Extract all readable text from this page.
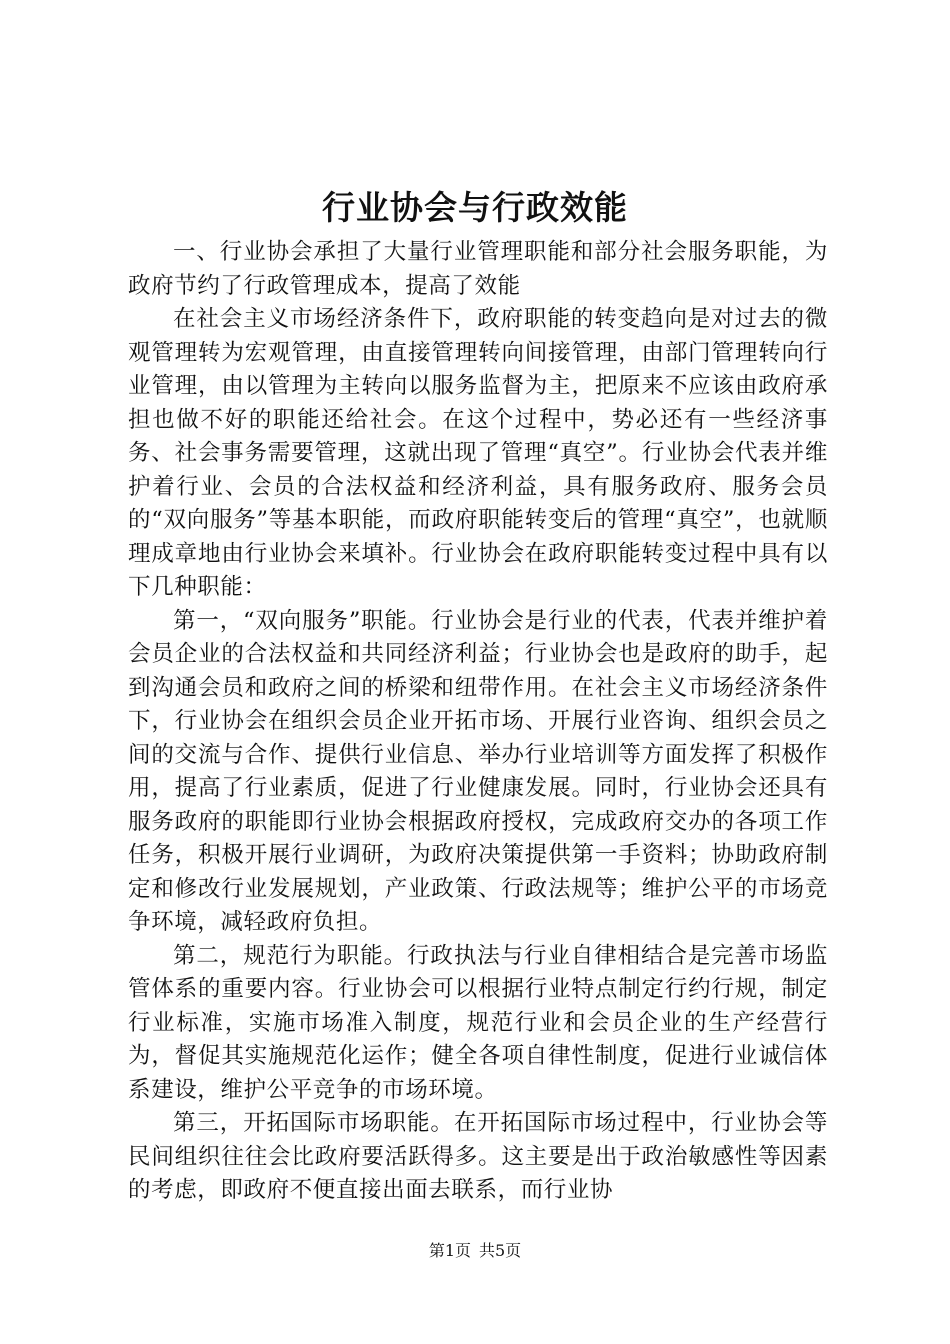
行业协会与行政效能

一、行业协会承担了大量行业管理职能和部分社会服务职能，为政府节约了行政管理成本，提高了效能

在社会主义市场经济条件下，政府职能的转变趋向是对过去的微观管理转为宏观管理，由直接管理转向间接管理，由部门管理转向行业管理，由以管理为主转向以服务监督为主，把原来不应该由政府承担也做不好的职能还给社会。在这个过程中，势必还有一些经济事务、社会事务需要管理，这就出现了管理“真空”。行业协会代表并维护着行业、会员的合法权益和经济利益，具有服务政府、服务会员的“双向服务”等基本职能，而政府职能转变后的管理“真空”，也就顺理成章地由行业协会来填补。行业协会在政府职能转变过程中具有以下几种职能：

第一，“双向服务”职能。行业协会是行业的代表，代表并维护着会员企业的合法权益和共同经济利益；行业协会也是政府的助手，起到沟通会员和政府之间的桥梁和纽带作用。在社会主义市场经济条件下，行业协会在组织会员企业开拓市场、开展行业咨询、组织会员之间的交流与合作、提供行业信息、举办行业培训等方面发挥了积极作用，提高了行业素质，促进了行业健康发展。同时，行业协会还具有服务政府的职能即行业协会根据政府授权，完成政府交办的各项工作任务，积极开展行业调研，为政府决策提供第一手资料；协助政府制定和修改行业发展规划，产业政策、行政法规等；维护公平的市场竞争环境，减轻政府负担。

第二，规范行为职能。行政执法与行业自律相结合是完善市场监管体系的重要内容。行业协会可以根据行业特点制定行约行规，制定行业标准，实施市场准入制度，规范行业和会员企业的生产经营行为，督促其实施规范化运作；健全各项自律性制度，促进行业诚信体系建设，维护公平竞争的市场环境。

第三，开拓国际市场职能。在开拓国际市场过程中，行业协会等民间组织往往会比政府要活跃得多。这主要是出于政治敏感性等因素的考虑，即政府不便直接出面去联系，而行业协

第1页 共5页
